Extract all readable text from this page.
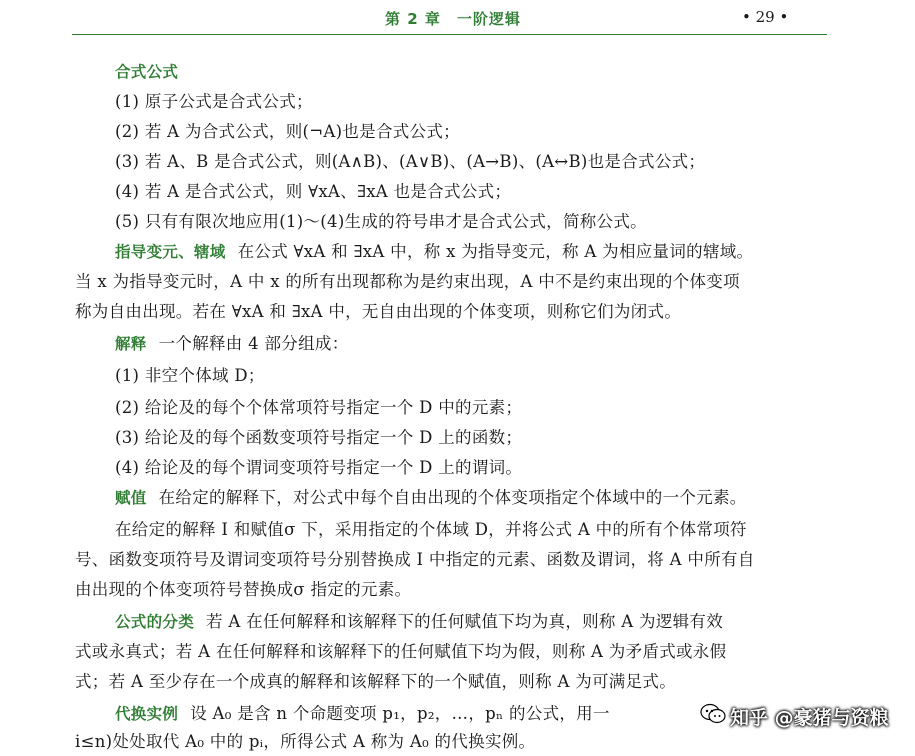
第 2 章　一阶逻辑	• 29 •
合式公式
(1) 原子公式是合式公式；
(2) 若 A 为合式公式，则(¬A)也是合式公式；
(3) 若 A、B 是合式公式，则(A∧B)、(A∨B)、(A→B)、(A↔B)也是合式公式；
(4) 若 A 是合式公式，则 ∀xA、∃xA 也是合式公式；
(5) 只有有限次地应用(1)～(4)生成的符号串才是合式公式，简称公式。
指导变元、辖域 在公式 ∀xA 和 ∃xA 中，称 x 为指导变元，称 A 为相应量词的辖域。
当 x 为指导变元时，A 中 x 的所有出现都称为是约束出现，A 中不是约束出现的个体变项
称为自由出现。若在 ∀xA 和 ∃xA 中，无自由出现的个体变项，则称它们为闭式。
解释 一个解释由 4 部分组成：
(1) 非空个体域 D；
(2) 给论及的每个个体常项符号指定一个 D 中的元素；
(3) 给论及的每个函数变项符号指定一个 D 上的函数；
(4) 给论及的每个谓词变项符号指定一个 D 上的谓词。
赋值 在给定的解释下，对公式中每个自由出现的个体变项指定个体域中的一个元素。
在给定的解释 I 和赋值σ 下，采用指定的个体域 D，并将公式 A 中的所有个体常项符
号、函数变项符号及谓词变项符号分别替换成 I 中指定的元素、函数及谓词，将 A 中所有自
由出现的个体变项符号替换成σ 指定的元素。
公式的分类 若 A 在任何解释和该解释下的任何赋值下均为真，则称 A 为逻辑有效
式或永真式；若 A 在任何解释和该解释下的任何赋值下均为假，则称 A 为矛盾式或永假
式；若 A 至少存在一个成真的解释和该解释下的一个赋值，则称 A 为可满足式。
代换实例 设 A₀ 是含 n 个命题变项 p₁，p₂，…，pₙ 的公式，用一
i≤n)处处取代 A₀ 中的 pᵢ，所得公式 A 称为 A₀ 的代换实例。
知乎 @豪猪与资粮
